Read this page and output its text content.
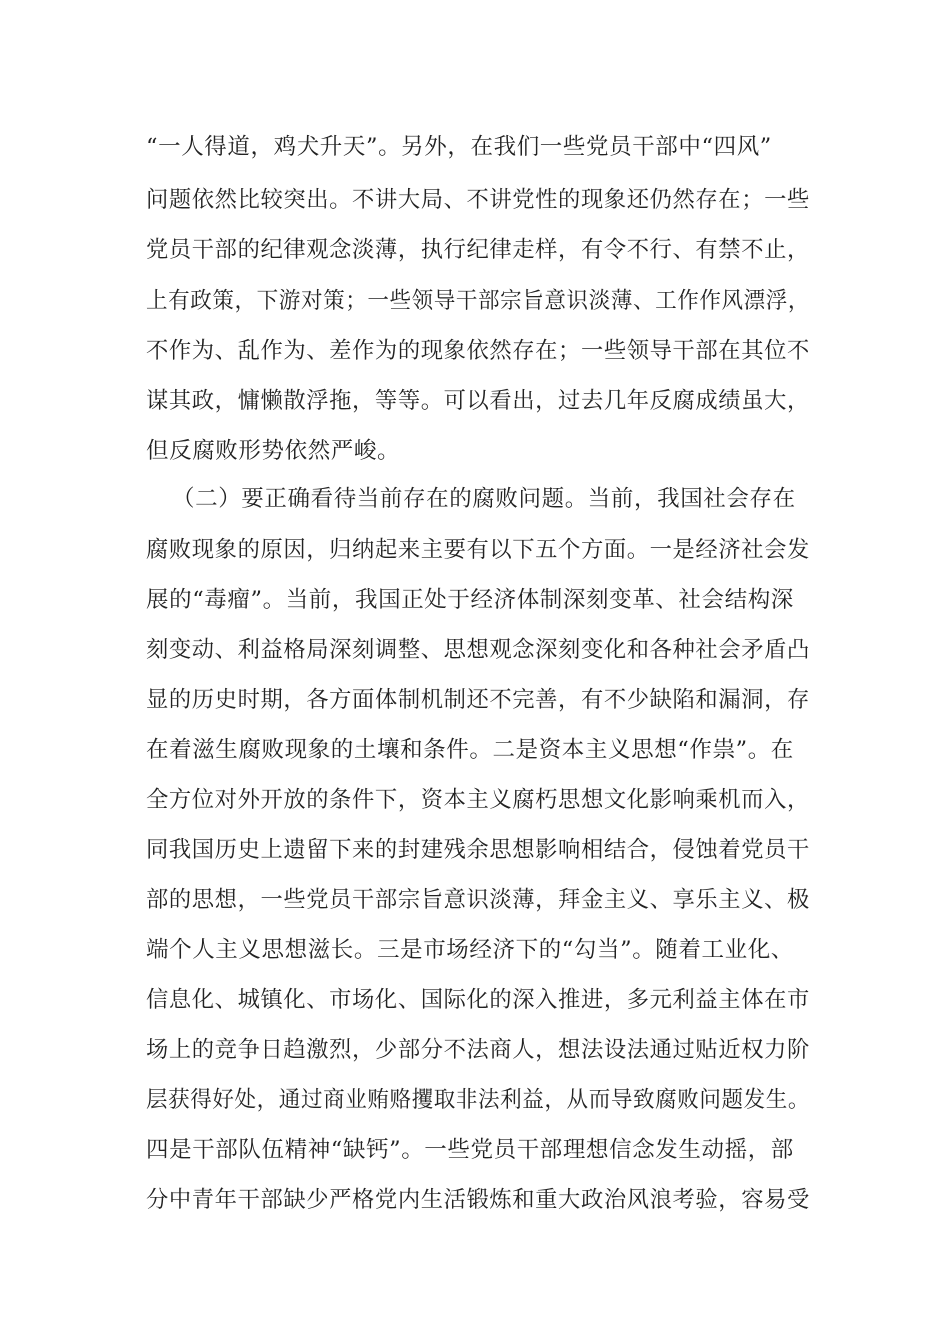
“一人得道，鸡犬升天”。另外，在我们一些党员干部中“四风”
问题依然比较突出。不讲大局、不讲党性的现象还仍然存在；一些
党员干部的纪律观念淡薄，执行纪律走样，有令不行、有禁不止，
上有政策，下游对策；一些领导干部宗旨意识淡薄、工作作风漂浮，
不作为、乱作为、差作为的现象依然存在；一些领导干部在其位不
谋其政，慵懒散浮拖，等等。可以看出，过去几年反腐成绩虽大，
但反腐败形势依然严峻。
（二）要正确看待当前存在的腐败问题。当前，我国社会存在
腐败现象的原因，归纳起来主要有以下五个方面。一是经济社会发
展的“毒瘤”。当前，我国正处于经济体制深刻变革、社会结构深
刻变动、利益格局深刻调整、思想观念深刻变化和各种社会矛盾凸
显的历史时期，各方面体制机制还不完善，有不少缺陷和漏洞，存
在着滋生腐败现象的土壤和条件。二是资本主义思想“作祟”。在
全方位对外开放的条件下，资本主义腐朽思想文化影响乘机而入，
同我国历史上遗留下来的封建残余思想影响相结合，侵蚀着党员干
部的思想，一些党员干部宗旨意识淡薄，拜金主义、享乐主义、极
端个人主义思想滋长。三是市场经济下的“勾当”。随着工业化、
信息化、城镇化、市场化、国际化的深入推进，多元利益主体在市
场上的竞争日趋激烈，少部分不法商人，想法设法通过贴近权力阶
层获得好处，通过商业贿赂攫取非法利益，从而导致腐败问题发生。
四是干部队伍精神“缺钙”。一些党员干部理想信念发生动摇，部
分中青年干部缺少严格党内生活锻炼和重大政治风浪考验，容易受
